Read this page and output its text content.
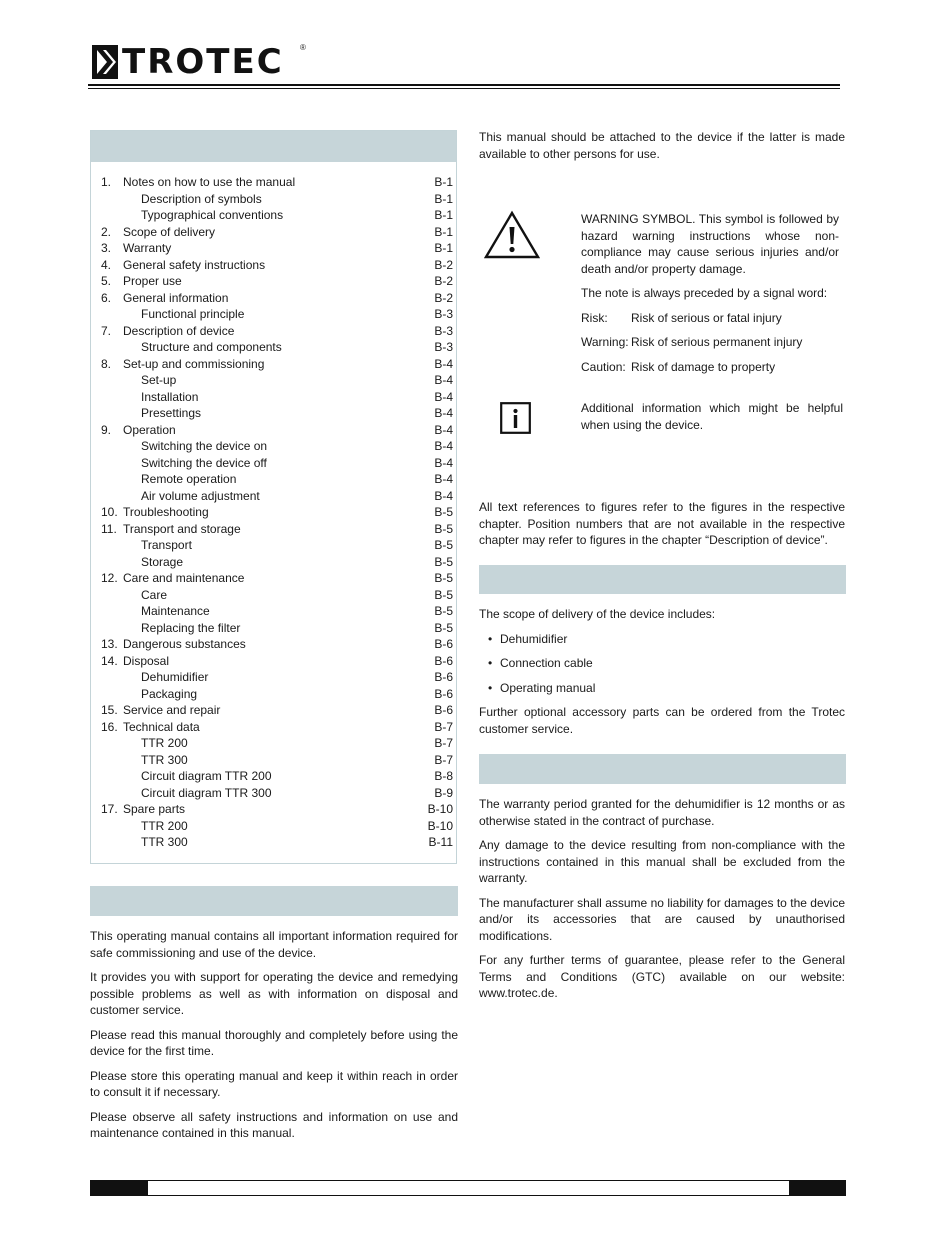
TROTEC ®
1. Notes on how to use the manual	B-1
Description of symbols	B-1
Typographical conventions	B-1
2. Scope of delivery	B-1
3. Warranty	B-1
4. General safety instructions	B-2
5. Proper use	B-2
6. General information	B-2
Functional principle	B-3
7. Description of device	B-3
Structure and components	B-3
8. Set-up and commissioning	B-4
Set-up	B-4
Installation	B-4
Presettings	B-4
9. Operation	B-4
Switching the device on	B-4
Switching the device off	B-4
Remote operation	B-4
Air volume adjustment	B-4
10. Troubleshooting	B-5
11. Transport and storage	B-5
Transport	B-5
Storage	B-5
12. Care and maintenance	B-5
Care	B-5
Maintenance	B-5
Replacing the filter	B-5
13. Dangerous substances	B-6
14. Disposal	B-6
Dehumidifier	B-6
Packaging	B-6
15. Service and repair	B-6
16. Technical data	B-7
TTR 200	B-7
TTR 300	B-7
Circuit diagram TTR 200	B-8
Circuit diagram TTR 300	B-9
17. Spare parts	B-10
TTR 200	B-10
TTR 300	B-11

This operating manual contains all important information required for safe commissioning and use of the device.

It provides you with support for operating the device and remedying possible problems as well as with information on disposal and customer service.

Please read this manual thoroughly and completely before using the device for the first time.

Please store this operating manual and keep it within reach in order to consult it if necessary.

Please observe all safety instructions and information on use and maintenance contained in this manual.

This manual should be attached to the device if the latter is made available to other persons for use.

WARNING SYMBOL. This symbol is followed by hazard warning instructions whose non-compliance may cause serious injuries and/or death and/or property damage.

The note is always preceded by a signal word:

Risk: Risk of serious or fatal injury
Warning: Risk of serious permanent injury
Caution: Risk of damage to property

Additional information which might be helpful when using the device.

All text references to figures refer to the figures in the respective chapter. Position numbers that are not available in the respective chapter may refer to figures in the chapter “Description of device”.

The scope of delivery of the device includes:

• Dehumidifier
• Connection cable
• Operating manual

Further optional accessory parts can be ordered from the Trotec customer service.

The warranty period granted for the dehumidifier is 12 months or as otherwise stated in the contract of purchase.

Any damage to the device resulting from non-compliance with the instructions contained in this manual shall be excluded from the warranty.

The manufacturer shall assume no liability for damages to the device and/or its accessories that are caused by unauthorised modifications.

For any further terms of guarantee, please refer to the General Terms and Conditions (GTC) available on our website: www.trotec.de.
